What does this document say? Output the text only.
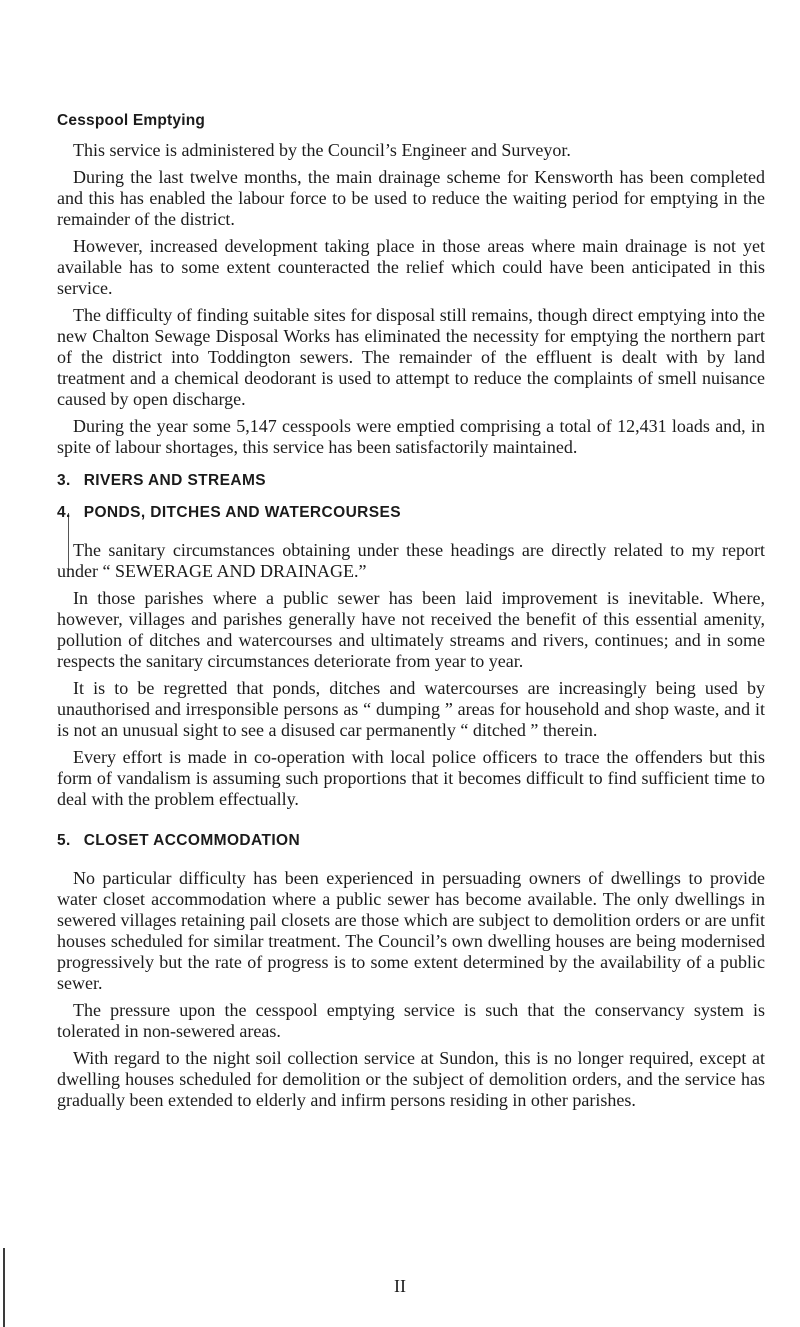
Cesspool Emptying

This service is administered by the Council’s Engineer and Surveyor.

During the last twelve months, the main drainage scheme for Kensworth has been completed and this has enabled the labour force to be used to reduce the waiting period for emptying in the remainder of the district.

However, increased development taking place in those areas where main drainage is not yet available has to some extent counteracted the relief which could have been anticipated in this service.

The difficulty of finding suitable sites for disposal still remains, though direct emptying into the new Chalton Sewage Disposal Works has eliminated the necessity for emptying the northern part of the district into Toddington sewers. The remainder of the effluent is dealt with by land treatment and a chemical deodorant is used to attempt to reduce the complaints of smell nuisance caused by open discharge.

During the year some 5,147 cesspools were emptied comprising a total of 12,431 loads and, in spite of labour shortages, this service has been satisfactorily maintained.

3. RIVERS AND STREAMS
4. PONDS, DITCHES AND WATERCOURSES

The sanitary circumstances obtaining under these headings are directly related to my report under “ SEWERAGE AND DRAINAGE.”

In those parishes where a public sewer has been laid improvement is inevitable. Where, however, villages and parishes generally have not received the benefit of this essential amenity, pollution of ditches and watercourses and ultimately streams and rivers, continues; and in some respects the sanitary circumstances deteriorate from year to year.

It is to be regretted that ponds, ditches and watercourses are increasingly being used by unauthorised and irresponsible persons as “ dumping ” areas for household and shop waste, and it is not an unusual sight to see a disused car permanently “ ditched ” therein.

Every effort is made in co-operation with local police officers to trace the offenders but this form of vandalism is assuming such proportions that it becomes difficult to find sufficient time to deal with the problem effectually.

5. CLOSET ACCOMMODATION

No particular difficulty has been experienced in persuading owners of dwellings to provide water closet accommodation where a public sewer has become available. The only dwellings in sewered villages retaining pail closets are those which are subject to demolition orders or are unfit houses scheduled for similar treatment. The Council’s own dwelling houses are being modernised progressively but the rate of progress is to some extent determined by the availability of a public sewer.

The pressure upon the cesspool emptying service is such that the conservancy system is tolerated in non-sewered areas.

With regard to the night soil collection service at Sundon, this is no longer required, except at dwelling houses scheduled for demolition or the subject of demolition orders, and the service has gradually been extended to elderly and infirm persons residing in other parishes.

II
